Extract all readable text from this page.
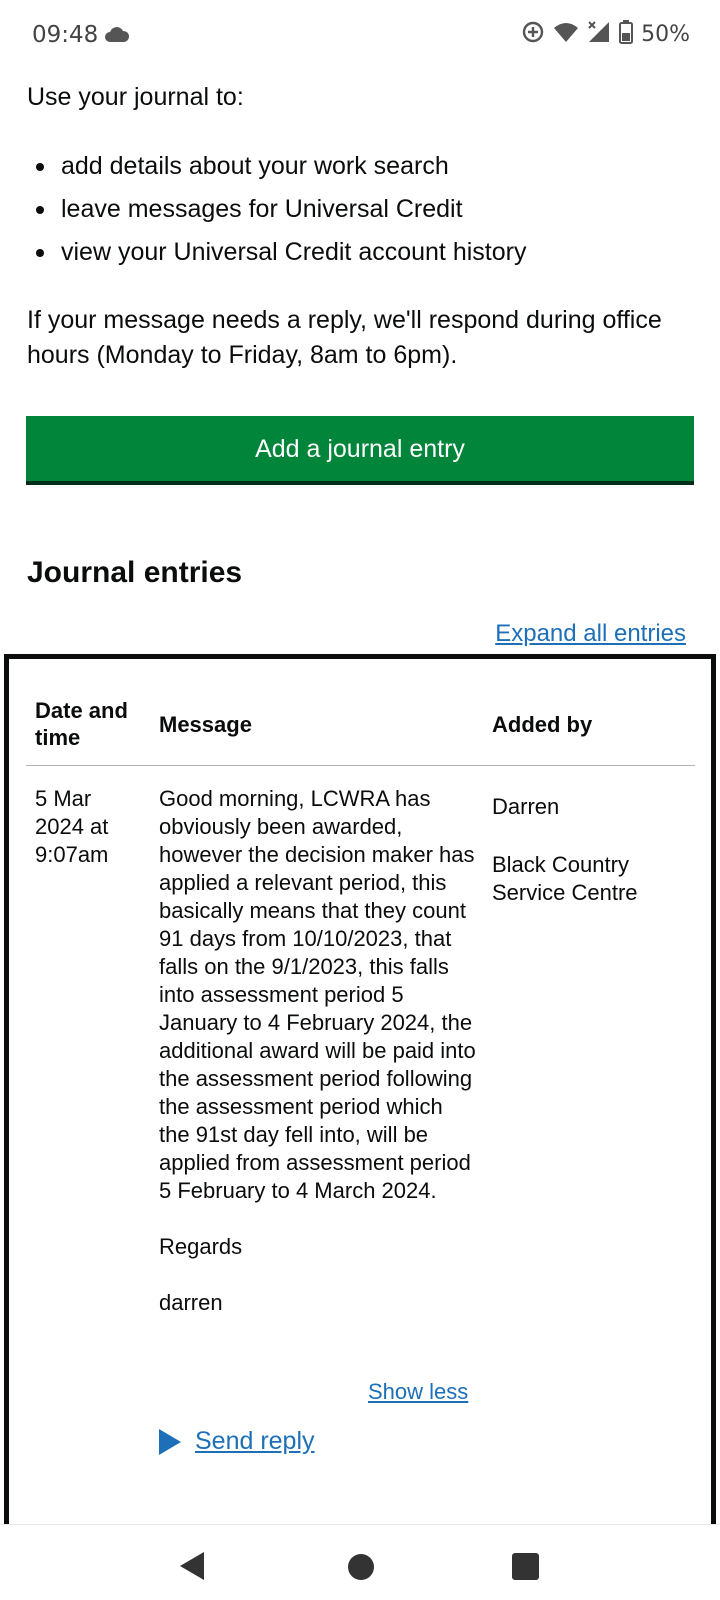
09:48	50%
Use your journal to:
add details about your work search
leave messages for Universal Credit
view your Universal Credit account history
If your message needs a reply, we'll respond during office hours (Monday to Friday, 8am to 6pm).
Add a journal entry
Journal entries
Expand all entries
Date and time
Message	Added by
5 Mar 2024 at 9:07am

Good morning, LCWRA has obviously been awarded, however the decision maker has applied a relevant period, this basically means that they count 91 days from 10/10/2023, that falls on the 9/1/2023, this falls into assessment period 5 January to 4 February 2024, the additional award will be paid into the assessment period following the assessment period which the 91st day fell into, will be applied from assessment period 5 February to 4 March 2024.

Regards

darren

Darren
Black Country Service Centre
Show less
Send reply
